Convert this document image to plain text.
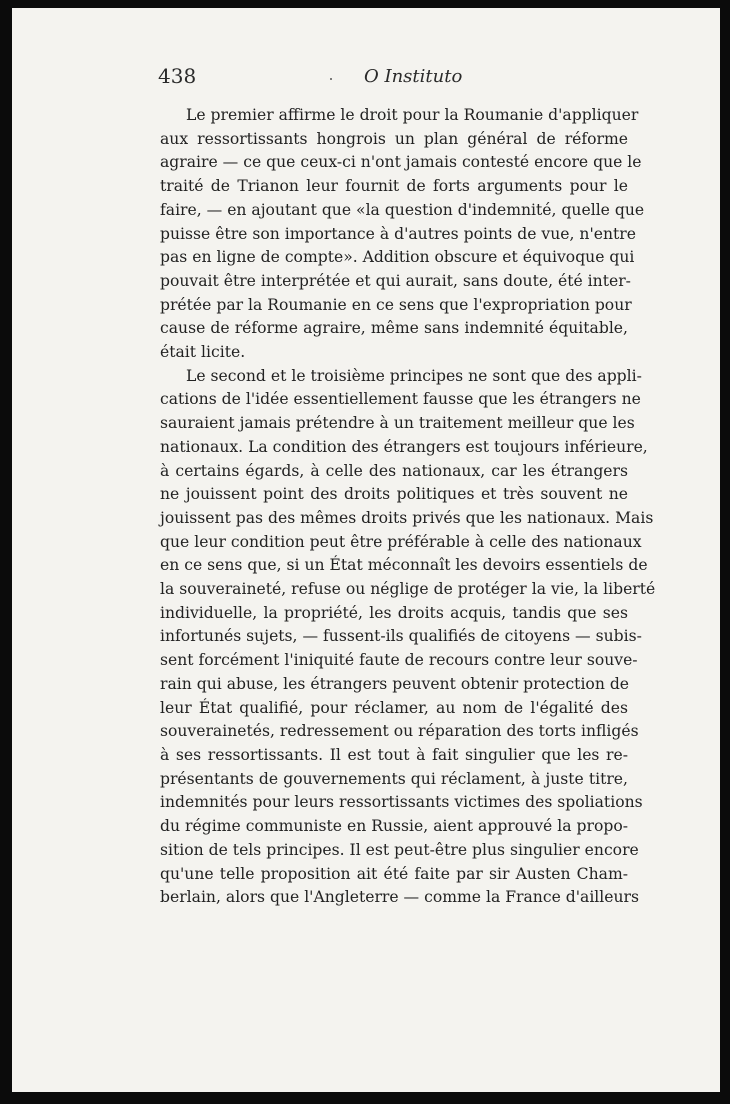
438	O Instituto
Le premier affirme le droit pour la Roumanie d'appliquer
aux ressortissants hongrois un plan général de réforme
agraire — ce que ceux-ci n'ont jamais contesté encore que le
traité de Trianon leur fournit de forts arguments pour le
faire, — en ajoutant que «la question d'indemnité, quelle que
puisse être son importance à d'autres points de vue, n'entre
pas en ligne de compte». Addition obscure et équivoque qui
pouvait être interprétée et qui aurait, sans doute, été inter-
prétée par la Roumanie en ce sens que l'expropriation pour
cause de réforme agraire, même sans indemnité équitable,
était licite.
Le second et le troisième principes ne sont que des appli-
cations de l'idée essentiellement fausse que les étrangers ne
sauraient jamais prétendre à un traitement meilleur que les
nationaux. La condition des étrangers est toujours inférieure,
à certains égards, à celle des nationaux, car les étrangers
ne jouissent point des droits politiques et très souvent ne
jouissent pas des mêmes droits privés que les nationaux. Mais
que leur condition peut être préférable à celle des nationaux
en ce sens que, si un État méconnaît les devoirs essentiels de
la souveraineté, refuse ou néglige de protéger la vie, la liberté
individuelle, la propriété, les droits acquis, tandis que ses
infortunés sujets, — fussent-ils qualifiés de citoyens — subis-
sent forcément l'iniquité faute de recours contre leur souve-
rain qui abuse, les étrangers peuvent obtenir protection de
leur État qualifié, pour réclamer, au nom de l'égalité des
souverainetés, redressement ou réparation des torts infligés
à ses ressortissants. Il est tout à fait singulier que les re-
présentants de gouvernements qui réclament, à juste titre,
indemnités pour leurs ressortissants victimes des spoliations
du régime communiste en Russie, aient approuvé la propo-
sition de tels principes. Il est peut-être plus singulier encore
qu'une telle proposition ait été faite par sir Austen Cham-
berlain, alors que l'Angleterre — comme la France d'ailleurs
